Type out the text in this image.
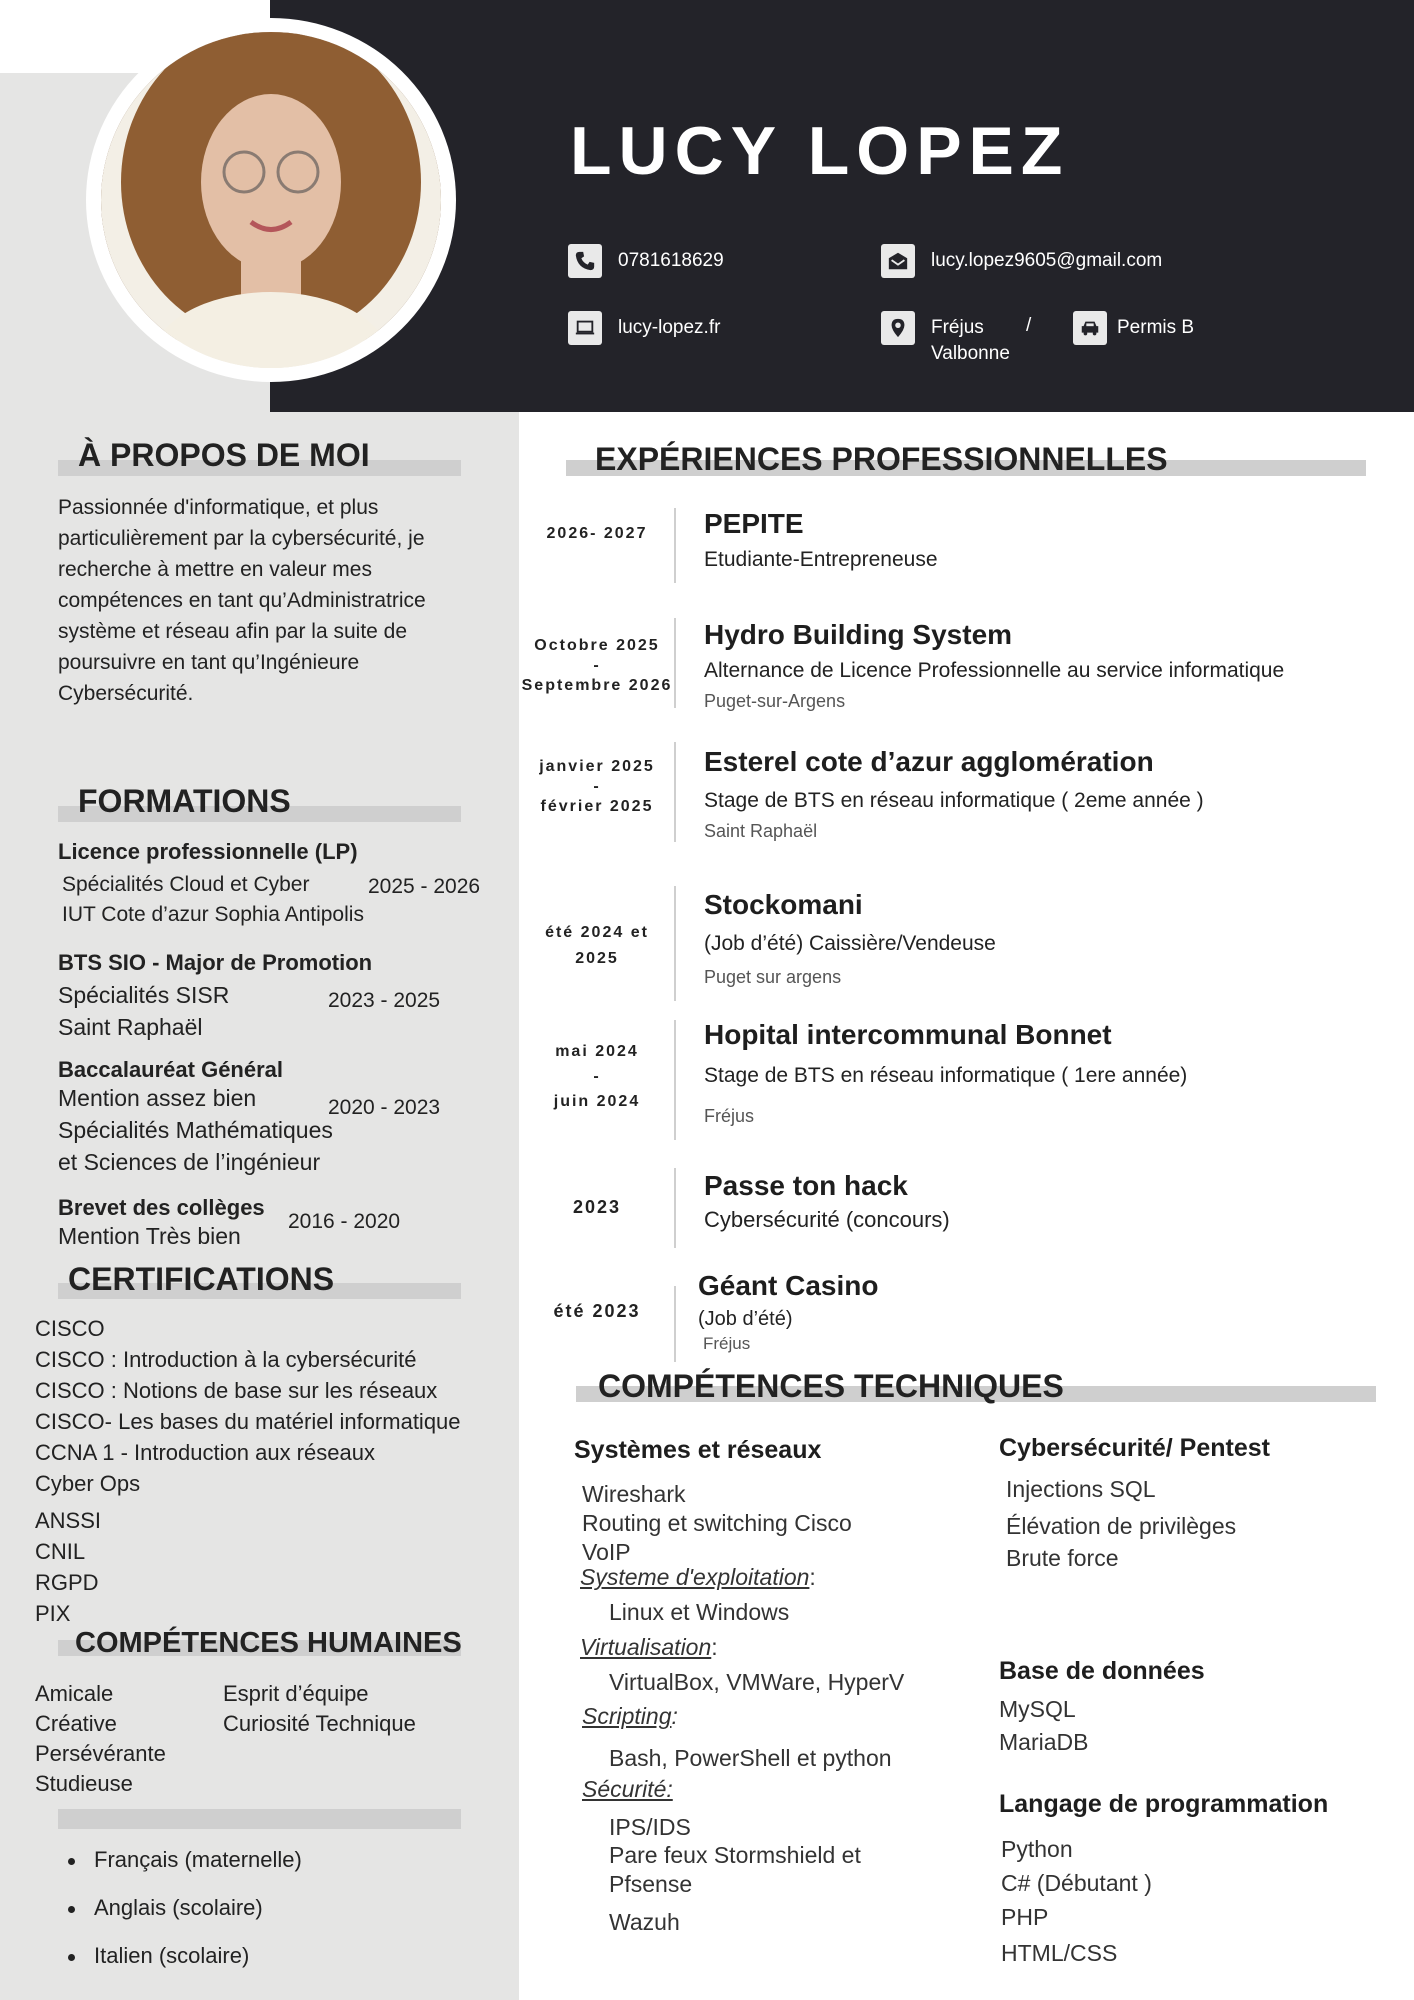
LUCY LOPEZ
0781618629	lucy.lopez9605@gmail.com
lucy-lopez.fr	Fréjus /
Valbonne
Permis B
À PROPOS DE MOI
Passionnée d'informatique, et plus
particulièrement par la cybersécurité, je
recherche à mettre en valeur mes
compétences en tant qu’Administratrice
système et réseau afin par la suite de
poursuivre en tant qu’Ingénieure
Cybersécurité.
FORMATIONS
Licence professionnelle (LP)
Spécialités Cloud et Cyber
IUT Cote d’azur Sophia Antipolis
2025 - 2026
BTS SIO - Major de Promotion
Spécialités SISR
Saint Raphaël
2023 - 2025
Baccalauréat Général
Mention assez bien
Spécialités Mathématiques
et Sciences de l’ingénieur
2020 - 2023
Brevet des collèges
Mention Très bien
2016 - 2020
CERTIFICATIONS
CISCO
CISCO : Introduction à la cybersécurité
CISCO : Notions de base sur les réseaux
CISCO- Les bases du matériel informatique
CCNA 1 - Introduction aux réseaux
Cyber Ops
ANSSI
CNIL
RGPD
PIX
COMPÉTENCES HUMAINES
Amicale
Créative
Persévérante
Studieuse
Esprit d’équipe
Curiosité Technique
Français (maternelle)
Anglais (scolaire)
Italien (scolaire)
EXPÉRIENCES PROFESSIONNELLES
2026- 2027	PEPITE
Etudiante-Entrepreneuse
Octobre 2025
-
Septembre 2026
Hydro Building System
Alternance de Licence Professionnelle au service informatique
Puget-sur-Argens
janvier 2025
-
février 2025
Esterel cote d’azur agglomération
Stage de BTS en réseau informatique ( 2eme année )
Saint Raphaël
été 2024 et
2025
Stockomani
(Job d’été) Caissière/Vendeuse
Puget sur argens
mai 2024
-
juin 2024
Hopital intercommunal Bonnet
Stage de BTS en réseau informatique ( 1ere année)
Fréjus
2023
Passe ton hack
Cybersécurité (concours)
été 2023
Géant Casino
(Job d’été)
Fréjus
COMPÉTENCES TECHNIQUES
Systèmes et réseaux
Wireshark
Routing et switching Cisco
VoIP
Systeme d'exploitation:
Linux et Windows
Virtualisation:
VirtualBox, VMWare, HyperV
Scripting:
Bash, PowerShell et python
Sécurité:
IPS/IDS
Pare feux Stormshield et
Pfsense
Wazuh
Cybersécurité/ Pentest
Injections SQL
Élévation de privilèges
Brute force
Base de données
MySQL
MariaDB
Langage de programmation
Python
C# (Débutant )
PHP
HTML/CSS
